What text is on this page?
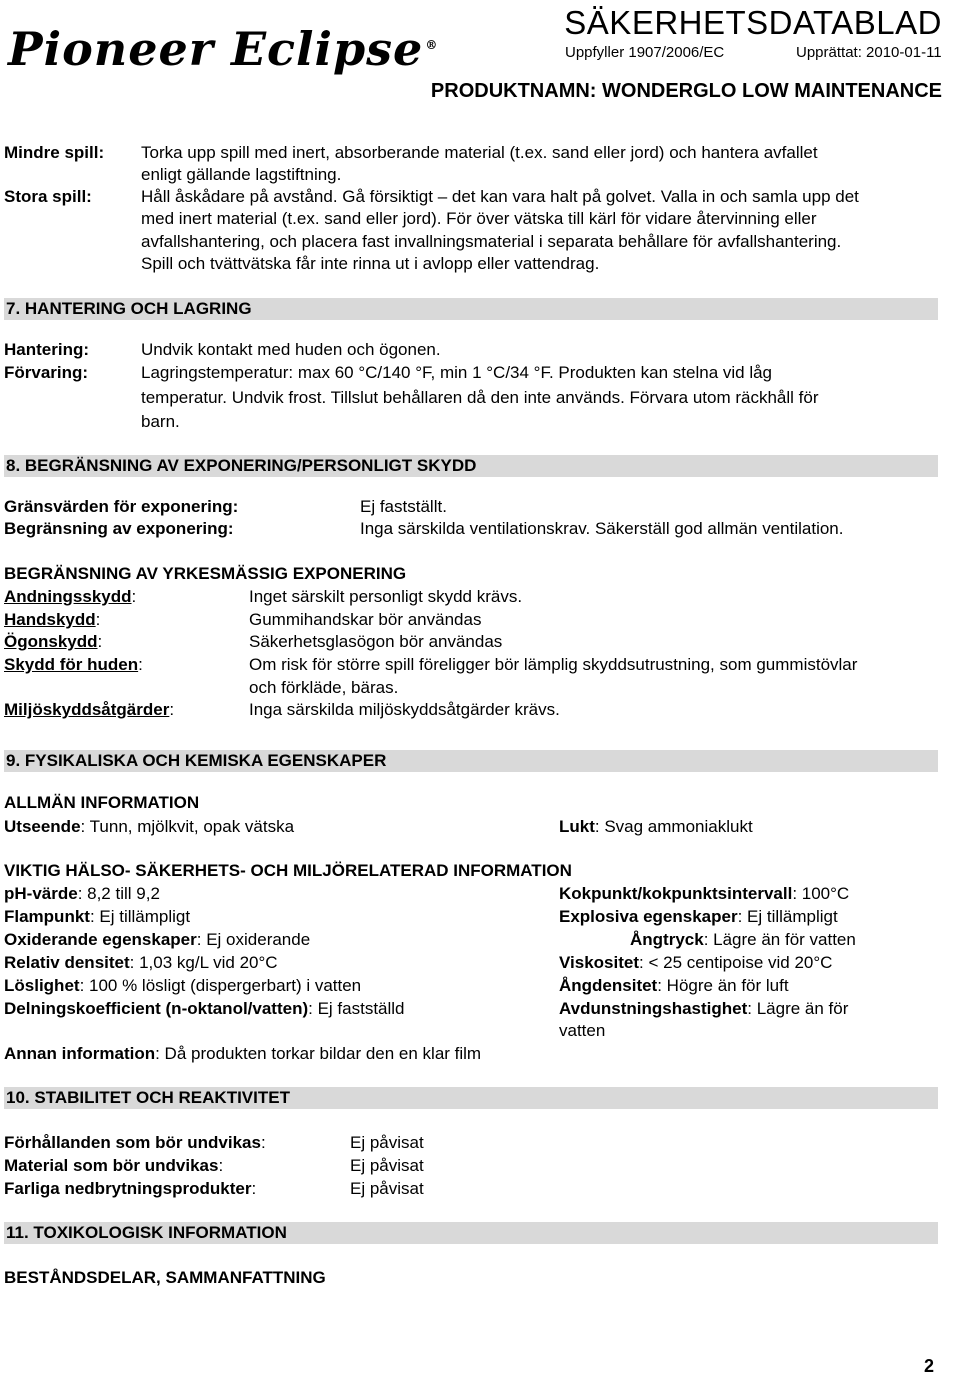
Pioneer Eclipse ®
SÄKERHETSDATABLAD
Uppfyller 1907/2006/EC	Upprättat: 2010-01-11
PRODUKTNAMN: WONDERGLO LOW MAINTENANCE
Mindre spill: Torka upp spill med inert, absorberande material (t.ex. sand eller jord) och hantera avfallet
enligt gällande lagstiftning.
Stora spill:	Håll åskådare på avstånd. Gå försiktigt – det kan vara halt på golvet. Valla in och samla upp det
med inert material (t.ex. sand eller jord). För över vätska till kärl för vidare återvinning eller
avfallshantering, och placera fast invallningsmaterial i separata behållare för avfallshantering.
Spill och tvättvätska får inte rinna ut i avlopp eller vattendrag.
7. HANTERING OCH LAGRING
Hantering:	Undvik kontakt med huden och ögonen.
Förvaring:	Lagringstemperatur: max 60 °C/140 °F, min 1 °C/34 °F. Produkten kan stelna vid låg
temperatur. Undvik frost. Tillslut behållaren då den inte används. Förvara utom räckhåll för
barn.
8. BEGRÄNSNING AV EXPONERING/PERSONLIGT SKYDD
Gränsvärden för exponering:	Ej fastställt.
Begränsning av exponering:	Inga särskilda ventilationskrav. Säkerställ god allmän ventilation.
BEGRÄNSNING AV YRKESMÄSSIG EXPONERING
Andningsskydd:	Inget särskilt personligt skydd krävs.
Handskydd:	Gummihandskar bör användas
Ögonskydd:	Säkerhetsglasögon bör användas
Skydd för huden:	Om risk för större spill föreligger bör lämplig skyddsutrustning, som gummistövlar
och förkläde, bäras.
Miljöskyddsåtgärder:	Inga särskilda miljöskyddsåtgärder krävs.
9. FYSIKALISKA OCH KEMISKA EGENSKAPER
ALLMÄN INFORMATION
Utseende: Tunn, mjölkvit, opak vätska	Lukt: Svag ammoniaklukt
VIKTIG HÄLSO- SÄKERHETS- OCH MILJÖRELATERAD INFORMATION
pH-värde: 8,2 till 9,2	Kokpunkt/kokpunktsintervall: 100°C
Flampunkt: Ej tillämpligt	Explosiva egenskaper: Ej tillämpligt
Oxiderande egenskaper: Ej oxiderande	Ångtryck: Lägre än för vatten
Relativ densitet: 1,03 kg/L vid 20°C	Viskositet: < 25 centipoise vid 20°C
Löslighet: 100 % lösligt (dispergerbart) i vatten	Ångdensitet: Högre än för luft
Delningskoefficient (n-oktanol/vatten): Ej fastställd	Avdunstningshastighet: Lägre än för
vatten
Annan information: Då produkten torkar bildar den en klar film
10. STABILITET OCH REAKTIVITET
Förhållanden som bör undvikas:	Ej påvisat
Material som bör undvikas:	Ej påvisat
Farliga nedbrytningsprodukter:	Ej påvisat
11. TOXIKOLOGISK INFORMATION
BESTÅNDSDELAR, SAMMANFATTNING
2
